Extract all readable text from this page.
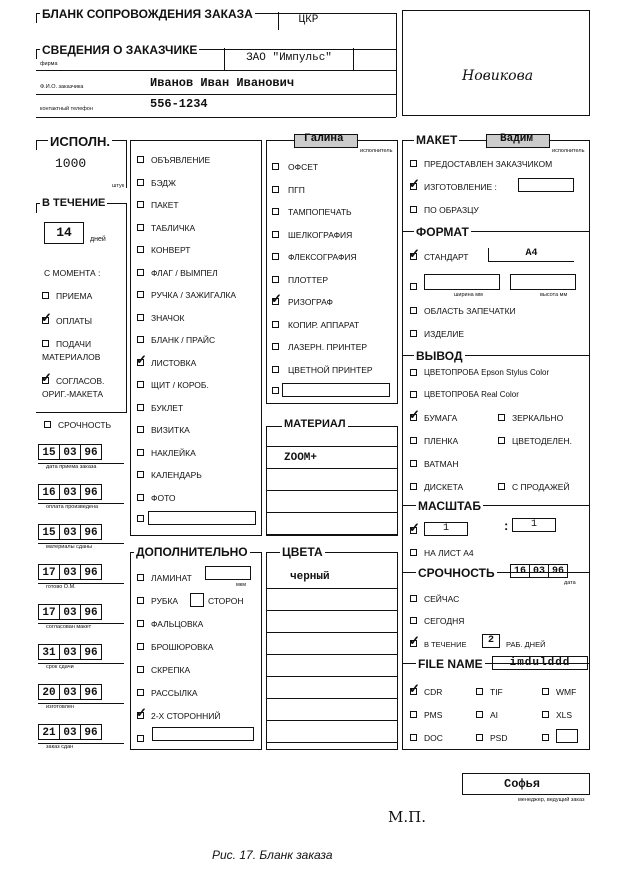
БЛАНК СОПРОВОЖДЕНИЯ ЗАКАЗА	ЦКР
СВЕДЕНИЯ О ЗАКАЗЧИКЕ
фирма	ЗАО "Импульс"
Ф.И.О. заказчика	Иванов Иван Иванович
контактный телефон	556-1234
Новикова
ИСПОЛН.
1000
штук
В ТЕЧЕНИЕ
14	дней
С МОМЕНТА :
ПРИЕМА
✓ ОПЛАТЫ
ПОДАЧИ
МАТЕРИАЛОВ
✓ СОГЛАСОВ.
ОРИГ.-МАКЕТА
СРОЧНОСТЬ
Галина
исполнитель
МАТЕРИАЛ
ZOOM+
ДОПОЛНИТЕЛЬНО
мкм
СТОРОН
ЦВЕТА
черный
МАКЕТ	Вадим
исполнитель
ПРЕДОСТАВЛЕН ЗАКАЗЧИКОМ
✓ ИЗГОТОВЛЕНИЕ :
ПО ОБРАЗЦУ
ФОРМАТ
✓ СТАНДАРТ	A4
ширина мм	высота мм
ОБЛАСТЬ ЗАПЕЧАТКИ
ИЗДЕЛИЕ
ВЫВОД
ЦВЕТОПРОБА Epson Stylus Color
ЦВЕТОПРОБА Real Color
МАСШТАБ
✓	1	:	1
НА ЛИСТ А4
СРОЧНОСТЬ	16 03 96
дата
СЕЙЧАС
СЕГОДНЯ
✓ В ТЕЧЕНИЕ	2	РАБ. ДНЕЙ
FILE NAME	imdulddd
Софья
менеджер, ведущий заказ
М.П.
Рис. 17. Бланк заказа
15 03 96
дата приема заказа
16 03 96
оплата произведена
15 03 96
материалы сданы
17 03 96
готово О.М.
17 03 96
согласован макет
31 03 96
срок сдачи
20 03 96
изготовлен
21 03 96
заказ сдан
ОБЪЯВЛЕНИЕ
БЭДЖ
ПАКЕТ
ТАБЛИЧКА
КОНВЕРТ
ФЛАГ / ВЫМПЕЛ
РУЧКА / ЗАЖИГАЛКА
ЗНАЧОК
БЛАНК / ПРАЙС
✓ ЛИСТОВКА
ЩИТ / КОРОБ.
БУКЛЕТ
ВИЗИТКА
НАКЛЕЙКА
КАЛЕНДАРЬ
ФОТО
ОФСЕТ
ПГП
ТАМПОПЕЧАТЬ
ШЕЛКОГРАФИЯ
ФЛЕКСОГРАФИЯ
ПЛОТТЕР
✓ РИЗОГРАФ
КОПИР. АППАРАТ
ЛАЗЕРН. ПРИНТЕР
ЦВЕТНОЙ ПРИНТЕР
ЛАМИНАТ
РУБКА
ФАЛЬЦОВКА
БРОШЮРОВКА
СКРЕПКА
РАССЫЛКА
✓ 2-Х СТОРОННИЙ
✓ БУМАГА	ЗЕРКАЛЬНО
ПЛЕНКА	ЦВЕТОДЕЛЕН.
ВАТМАН
ДИСКЕТА	С ПРОДАЖЕЙ
✓ CDR	TIF	WMF
PMS	AI	XLS
DOC	PSD
